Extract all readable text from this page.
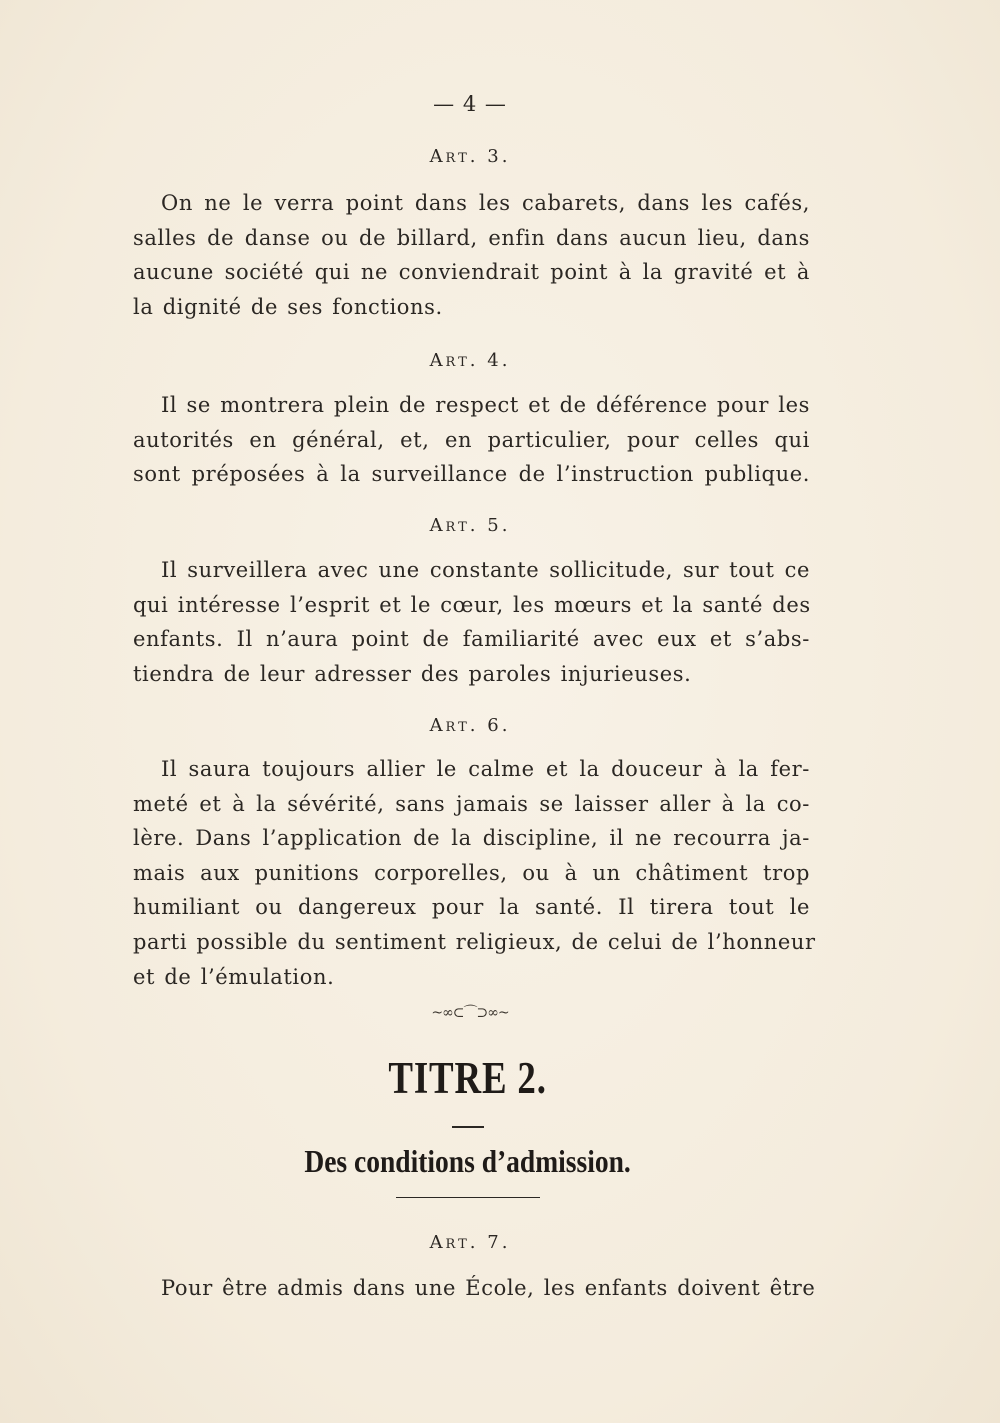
— 4 —
Art. 3.
On ne le verra point dans les cabarets, dans les cafés,
salles de danse ou de billard, enfin dans aucun lieu, dans
aucune société qui ne conviendrait point à la gravité et à
la dignité de ses fonctions.
Art. 4.
Il se montrera plein de respect et de déférence pour les
autorités en général, et, en particulier, pour celles qui
sont préposées à la surveillance de l’instruction publique.
Art. 5.
Il surveillera avec une constante sollicitude, sur tout ce
qui intéresse l’esprit et le cœur, les mœurs et la santé des
enfants. Il n’aura point de familiarité avec eux et s’abs-
tiendra de leur adresser des paroles injurieuses.
Art. 6.
Il saura toujours allier le calme et la douceur à la fer-
meté et à la sévérité, sans jamais se laisser aller à la co-
lère. Dans l’application de la discipline, il ne recourra ja-
mais aux punitions corporelles, ou à un châtiment trop
humiliant ou dangereux pour la santé. Il tirera tout le
parti possible du sentiment religieux, de celui de l’honneur
et de l’émulation.
~∞⊂⌒⊃∞~
TITRE 2.
Des conditions d’admission.
Art. 7.
Pour être admis dans une École, les enfants doivent être
